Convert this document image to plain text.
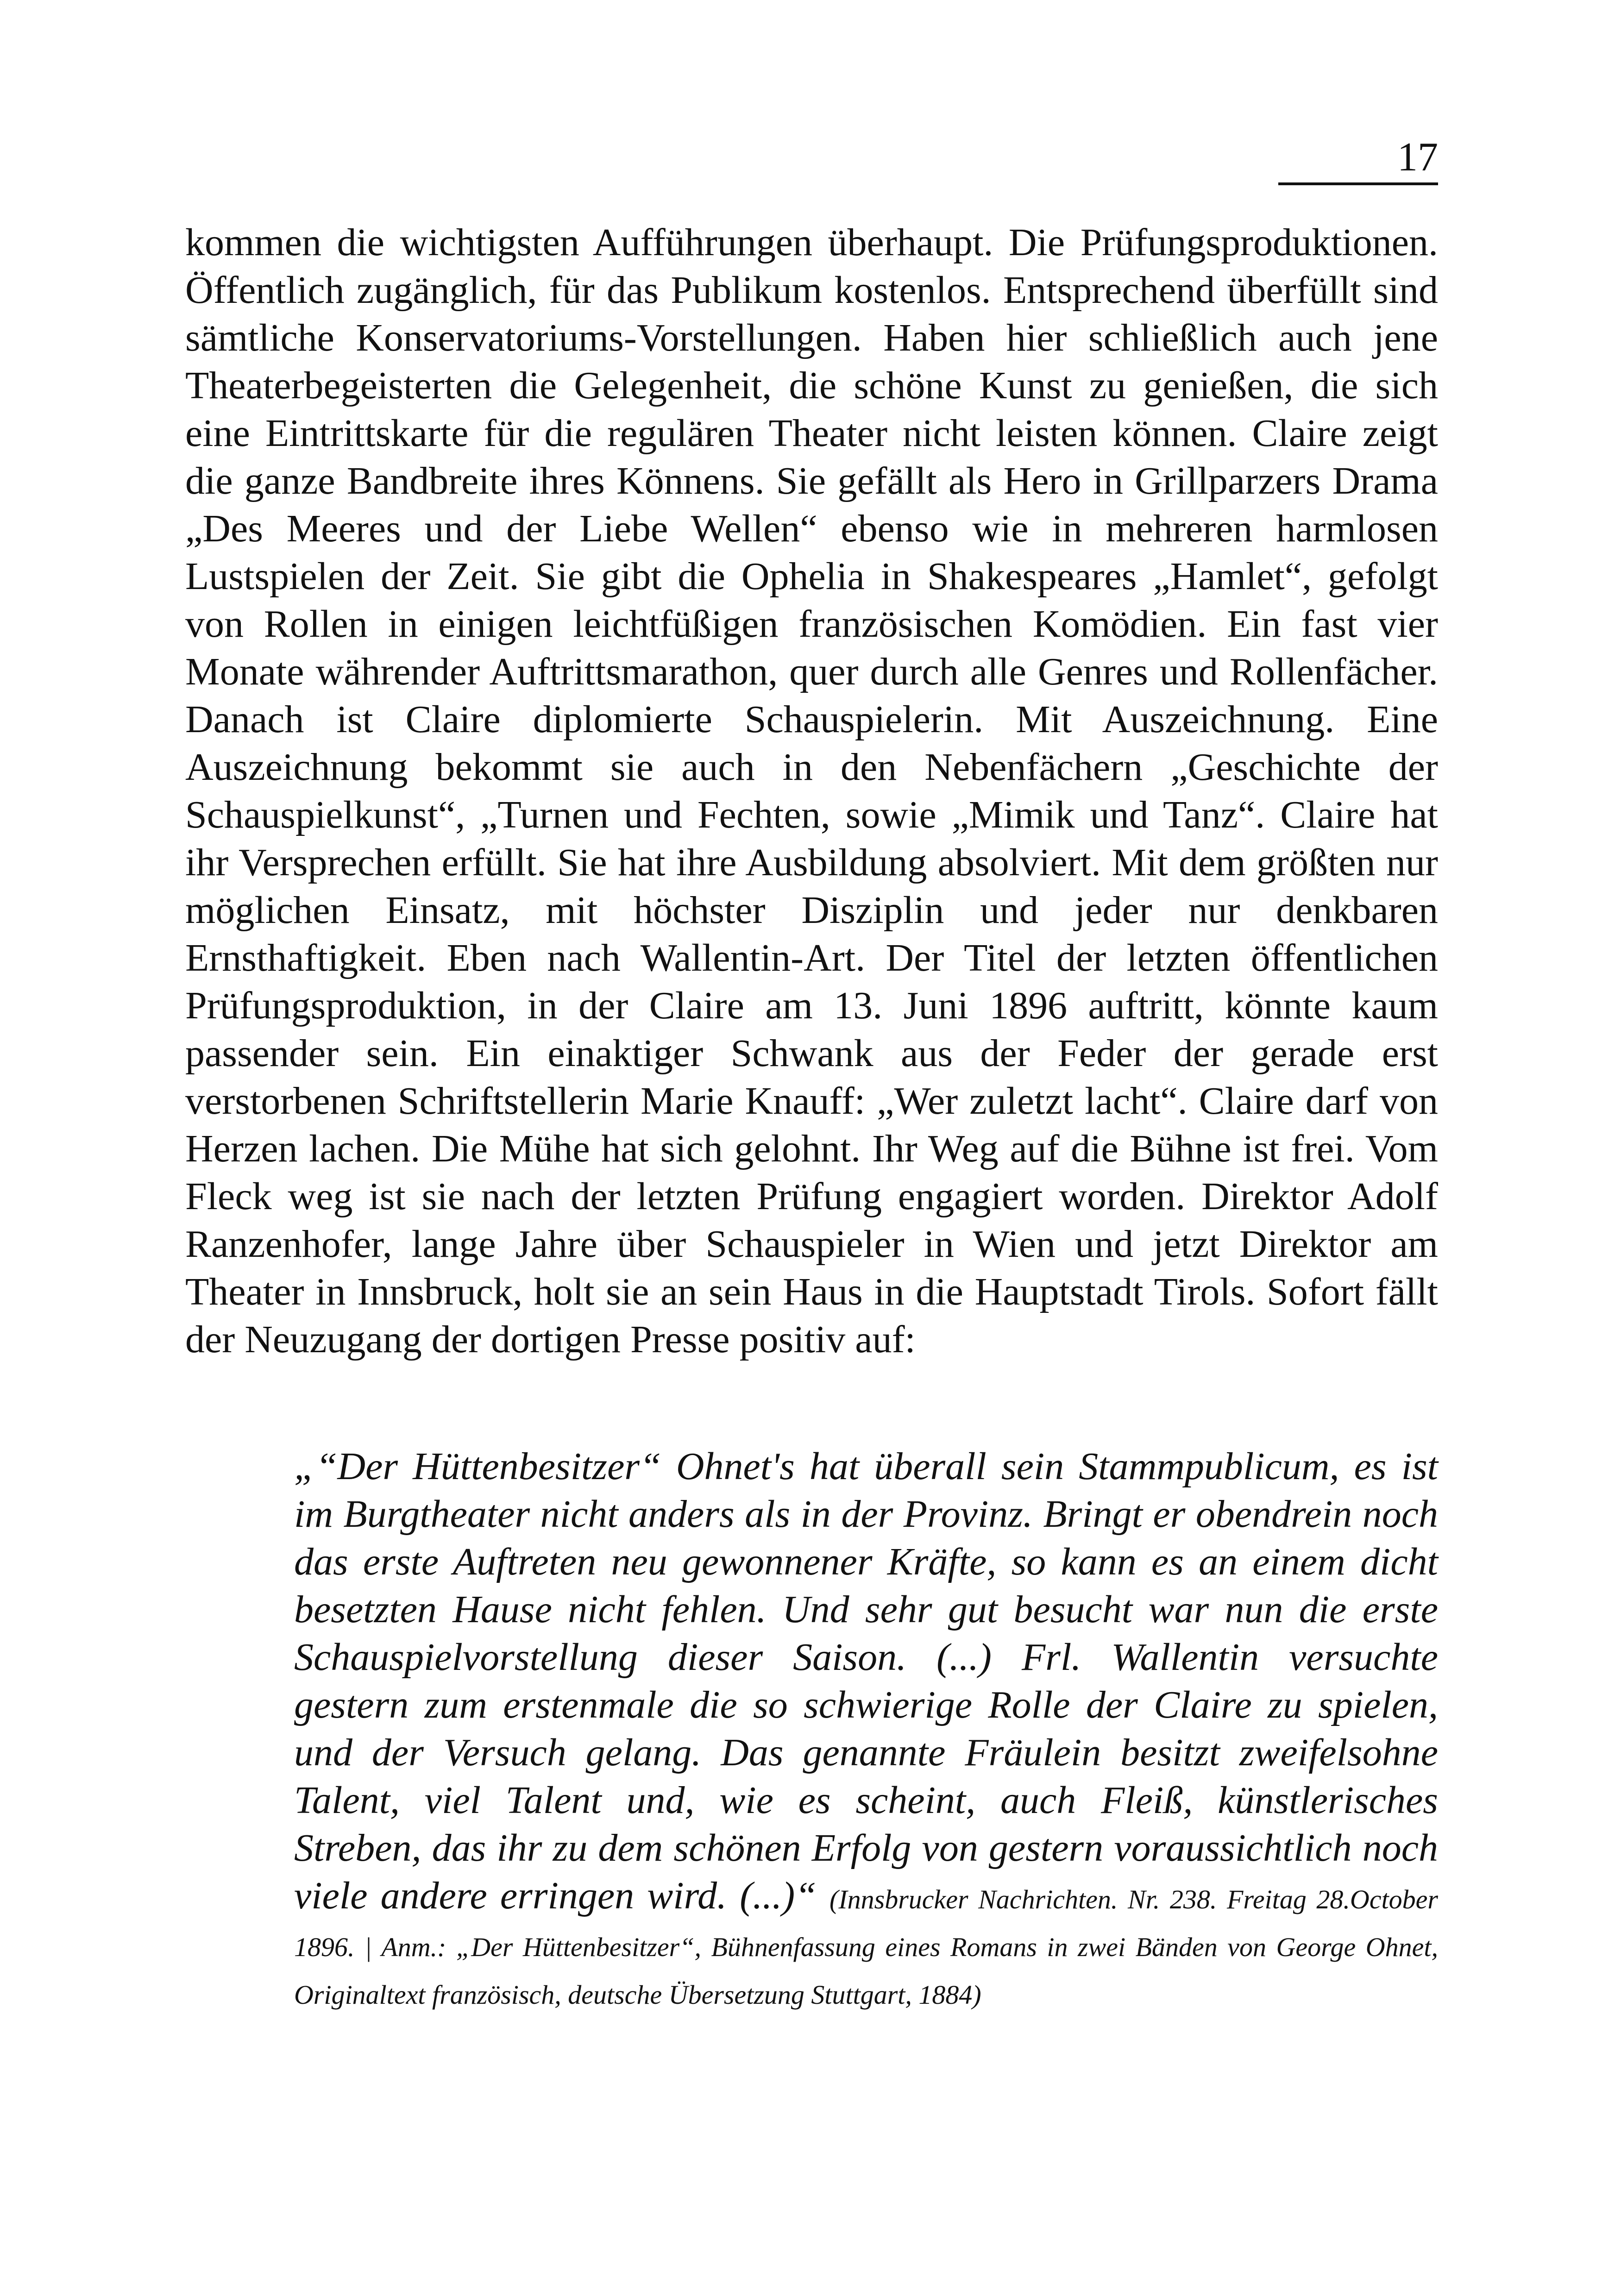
17

kommen die wichtigsten Aufführungen überhaupt. Die Prüfungsproduktionen. Öffentlich zugänglich, für das Publikum kostenlos. Entsprechend überfüllt sind sämtliche Konservatoriums-Vorstellungen. Haben hier schließlich auch jene Theaterbegeisterten die Gelegenheit, die schöne Kunst zu genießen, die sich eine Eintrittskarte für die regulären Theater nicht leisten können. Claire zeigt die ganze Bandbreite ihres Könnens. Sie gefällt als Hero in Grillparzers Drama „Des Meeres und der Liebe Wellen“ ebenso wie in mehreren harmlosen Lustspielen der Zeit. Sie gibt die Ophelia in Shakespeares „Hamlet“, gefolgt von Rollen in einigen leichtfüßigen französischen Komödien. Ein fast vier Monate währender Auftrittsmarathon, quer durch alle Genres und Rollenfächer. Danach ist Claire diplomierte Schauspielerin. Mit Auszeichnung. Eine Auszeichnung bekommt sie auch in den Nebenfächern „Geschichte der Schauspielkunst“, „Turnen und Fechten, sowie „Mimik und Tanz“. Claire hat ihr Versprechen erfüllt. Sie hat ihre Ausbildung absolviert. Mit dem größten nur möglichen Einsatz, mit höchster Disziplin und jeder nur denkbaren Ernsthaftigkeit. Eben nach Wallentin-Art. Der Titel der letzten öffentlichen Prüfungsproduktion, in der Claire am 13. Juni 1896 auftritt, könnte kaum passender sein. Ein einaktiger Schwank aus der Feder der gerade erst verstorbenen Schriftstellerin Marie Knauff: „Wer zuletzt lacht“. Claire darf von Herzen lachen. Die Mühe hat sich gelohnt. Ihr Weg auf die Bühne ist frei. Vom Fleck weg ist sie nach der letzten Prüfung engagiert worden. Direktor Adolf Ranzenhofer, lange Jahre über Schauspieler in Wien und jetzt Direktor am Theater in Innsbruck, holt sie an sein Haus in die Hauptstadt Tirols. Sofort fällt der Neuzugang der dortigen Presse positiv auf:

„“Der Hüttenbesitzer“ Ohnet's hat überall sein Stammpublicum, es ist im Burgtheater nicht anders als in der Provinz. Bringt er obendrein noch das erste Auftreten neu gewonnener Kräfte, so kann es an einem dicht besetzten Hause nicht fehlen. Und sehr gut besucht war nun die erste Schauspielvorstellung dieser Saison. (...) Frl. Wallentin versuchte gestern zum erstenmale die so schwierige Rolle der Claire zu spielen, und der Versuch gelang. Das genannte Fräulein besitzt zweifelsohne Talent, viel Talent und, wie es scheint, auch Fleiß, künstlerisches Streben, das ihr zu dem schönen Erfolg von gestern voraussichtlich noch viele andere erringen wird. (...)“ (Innsbrucker Nachrichten. Nr. 238. Freitag 28.October 1896. | Anm.: „Der Hüttenbesitzer“, Bühnenfassung eines Romans in zwei Bänden von George Ohnet, Originaltext französisch, deutsche Übersetzung Stuttgart, 1884)
